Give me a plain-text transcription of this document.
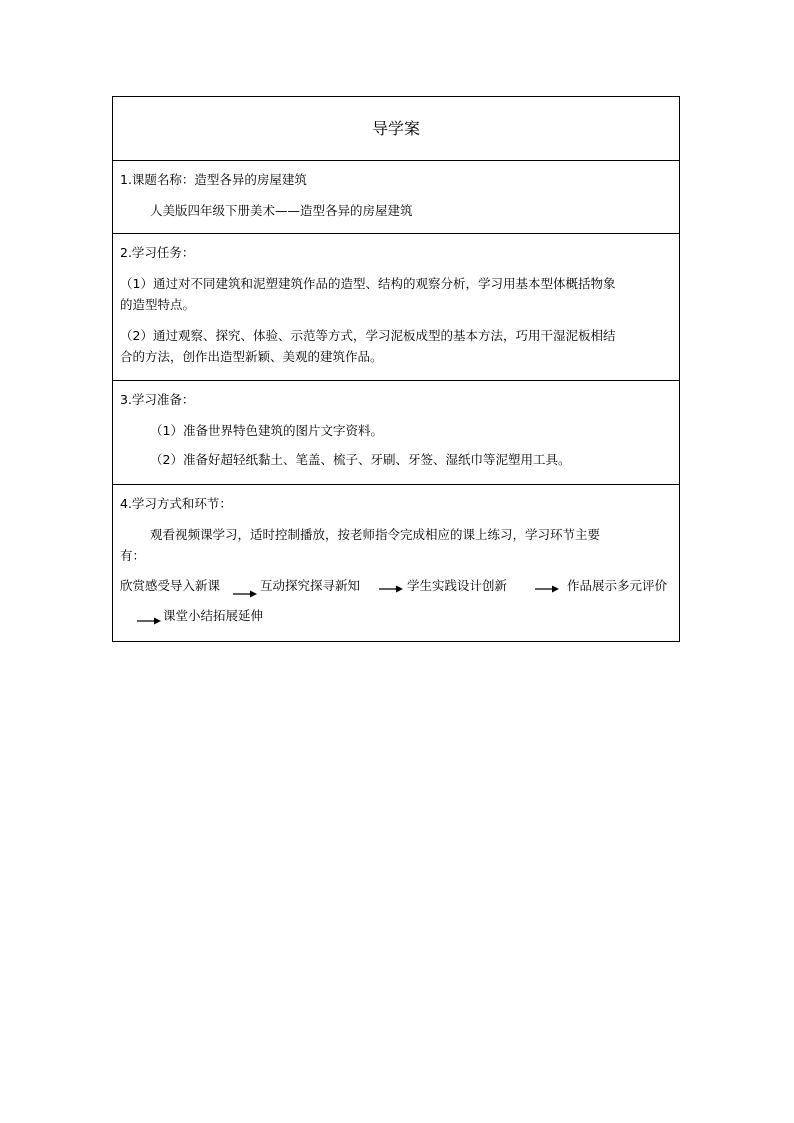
导学案
1.课题名称：造型各异的房屋建筑
人美版四年级下册美术——造型各异的房屋建筑
2.学习任务：
（1）通过对不同建筑和泥塑建筑作品的造型、结构的观察分析，学习用基本型体概括物象
的造型特点。
（2）通过观察、探究、体验、示范等方式，学习泥板成型的基本方法，巧用干湿泥板相结
合的方法，创作出造型新颖、美观的建筑作品。
3.学习准备：
（1）准备世界特色建筑的图片文字资料。
（2）准备好超轻纸黏土、笔盖、梳子、牙刷、牙签、湿纸巾等泥塑用工具。
4.学习方式和环节：
观看视频课学习，适时控制播放，按老师指令完成相应的课上练习，学习环节主要
有：
欣赏感受导入新课	互动探究探寻新知	学生实践设计创新	作品展示多元评价
课堂小结拓展延伸
